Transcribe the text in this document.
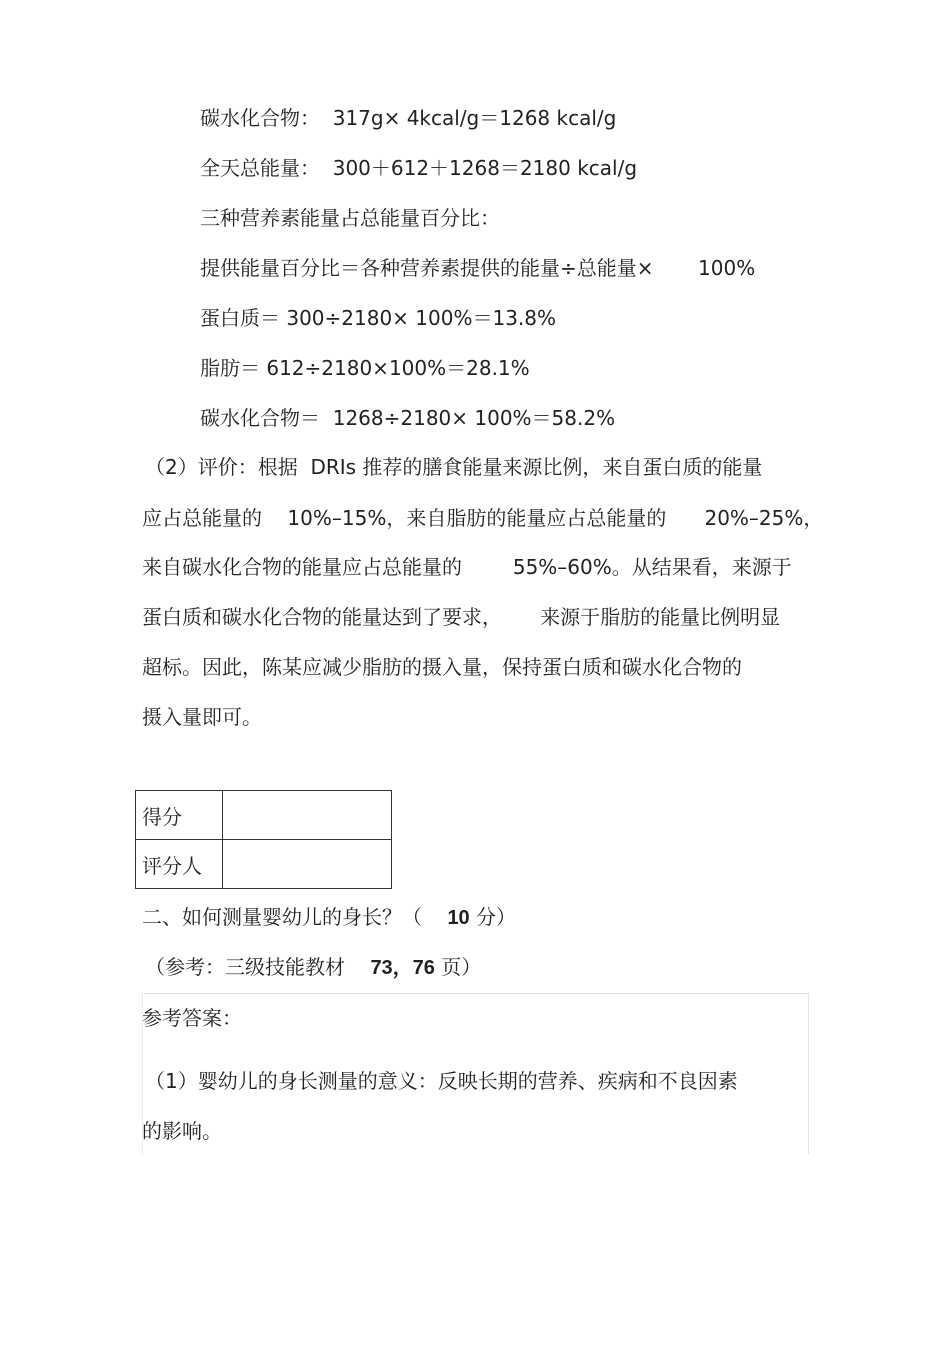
碳水化合物：  317g× 4kcal/g＝1268 kcal/g
全天总能量：  300＋612＋1268＝2180 kcal/g
三种营养素能量占总能量百分比：
提供能量百分比＝各种营养素提供的能量÷总能量×       100%
蛋白质＝ 300÷2180× 100%＝13.8%
脂肪＝ 612÷2180×100%＝28.1%
碳水化合物＝  1268÷2180× 100%＝58.2%
（2）评价：根据  DRIs 推荐的膳食能量来源比例，来自蛋白质的能量
应占总能量的    10%–15%，来自脂肪的能量应占总能量的      20%–25%，
来自碳水化合物的能量应占总能量的        55%–60%。从结果看，来源于
蛋白质和碳水化合物的能量达到了要求，      来源于脂肪的能量比例明显
超标。因此，陈某应减少脂肪的摄入量，保持蛋白质和碳水化合物的
摄入量即可。
得分	
评分人	
二、如何测量婴幼儿的身长？（    10 分）
（参考：三级技能教材    73，76 页）
参考答案：
（1）婴幼儿的身长测量的意义：反映长期的营养、疾病和不良因素
的影响。
